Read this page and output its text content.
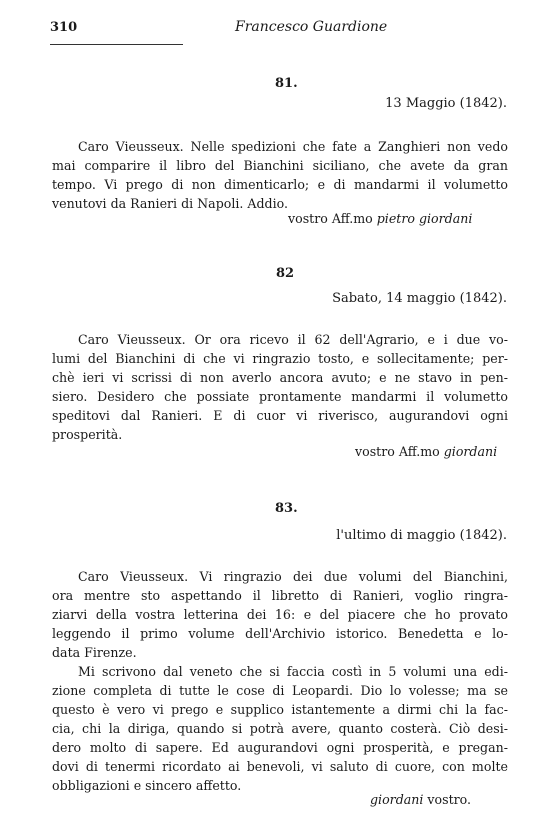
310	Francesco Guardione
81.
13 Maggio (1842).
Caro Vieusseux. Nelle spedizioni che fate a Zanghieri non vedo
mai comparire il libro del Bianchini siciliano, che avete da gran
tempo. Vi prego di non dimenticarlo; e di mandarmi il volumetto
venutovi da Ranieri di Napoli. Addio.
vostro Aff.mo pietro giordani
82
Sabato, 14 maggio (1842).
Caro Vieusseux. Or ora ricevo il 62 dell'Agrario, e i due vo-
lumi del Bianchini di che vi ringrazio tosto, e sollecitamente; per-
chè ieri vi scrissi di non averlo ancora avuto; e ne stavo in pen-
siero. Desidero che possiate prontamente mandarmi il volumetto
speditovi dal Ranieri. E di cuor vi riverisco, augurandovi ogni
prosperità.
vostro Aff.mo giordani
83.
l'ultimo di maggio (1842).
Caro Vieusseux. Vi ringrazio dei due volumi del Bianchini,
ora mentre sto aspettando il libretto di Ranieri, voglio ringra-
ziarvi della vostra letterina dei 16: e del piacere che ho provato
leggendo il primo volume dell'Archivio istorico. Benedetta e lo-
data Firenze.
Mi scrivono dal veneto che si faccia costì in 5 volumi una edi-
zione completa di tutte le cose di Leopardi. Dio lo volesse; ma se
questo è vero vi prego e supplico istantemente a dirmi chi la fac-
cia, chi la diriga, quando si potrà avere, quanto costerà. Ciò desi-
dero molto di sapere. Ed augurandovi ogni prosperità, e pregan-
dovi di tenermi ricordato ai benevoli, vi saluto di cuore, con molte
obbligazioni e sincero affetto.
giordani vostro.
